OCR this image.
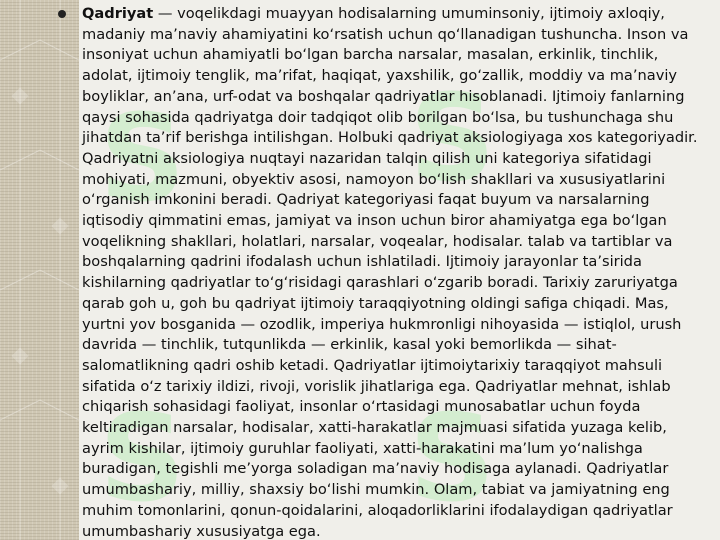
S S
S S

Qadriyat — voqelikdagi muayyan hodisalarning umuminsoniy, ijtimoiy axloqiy, madaniy ma’naviy ahamiyatini ko‘rsatish uchun qo‘llanadigan tushuncha. Inson va insoniyat uchun ahamiyatli bo‘lgan barcha narsalar, masalan, erkinlik, tinchlik, adolat, ijtimoiy tenglik, ma’rifat, haqiqat, yaxshilik, go‘zallik, moddiy va ma’naviy boyliklar, an’ana, urf-odat va boshqalar qadriyatlar hisoblanadi. Ijtimoiy fanlarning qaysi sohasida qadriyatga doir tadqiqot olib borilgan bo‘lsa, bu tushunchaga shu jihatdan ta’rif berishga intilishgan. Holbuki qadriyat aksiologiyaga xos kategoriyadir. Qadriyatni aksiologiya nuqtayi nazaridan talqin qilish uni kategoriya sifatidagi mohiyati, mazmuni, obyektiv asosi, namoyon bo‘lish shakllari va xususiyatlarini o‘rganish imkonini beradi. Qadriyat kategoriyasi faqat buyum va narsalarning iqtisodiy qimmatini emas, jamiyat va inson uchun biror ahamiyatga ega bo‘lgan voqelikning shakllari, holatlari, narsalar, voqealar, hodisalar. talab va tartiblar va boshqalarning qadrini ifodalash uchun ishlatiladi. Ijtimoiy jarayonlar ta’sirida kishilarning qadriyatlar to‘g‘risidagi qarashlari o‘zgarib boradi. Tarixiy zaruriyatga qarab goh u, goh bu qadriyat ijtimoiy taraqqiyotning oldingi safiga chiqadi. Mas, yurtni yov bosganida — ozodlik, imperiya hukmronligi nihoyasida — istiqlol, urush davrida — tinchlik, tutqunlikda — erkinlik, kasal yoki bemorlikda — sihat-salomatlikning qadri oshib ketadi. Qadriyatlar ijtimoiytarixiy taraqqiyot mahsuli sifatida o‘z tarixiy ildizi, rivoji, vorislik jihatlariga ega. Qadriyatlar mehnat, ishlab chiqarish sohasidagi faoliyat, insonlar o‘rtasidagi munosabatlar uchun foyda keltiradigan narsalar, hodisalar, xatti-harakatlar majmuasi sifatida yuzaga kelib, ayrim kishilar, ijtimoiy guruhlar faoliyati, xatti-harakatini ma’lum yo‘nalishga buradigan, tegishli me’yorga soladigan ma’naviy hodisaga aylanadi. Qadriyatlar umumbashariy, milliy, shaxsiy bo‘lishi mumkin. Olam, tabiat va jamiyatning eng muhim tomonlarini, qonun-qoidalarini, aloqadorliklarini ifodalaydigan qadriyatlar umumbashariy xususiyatga ega.
